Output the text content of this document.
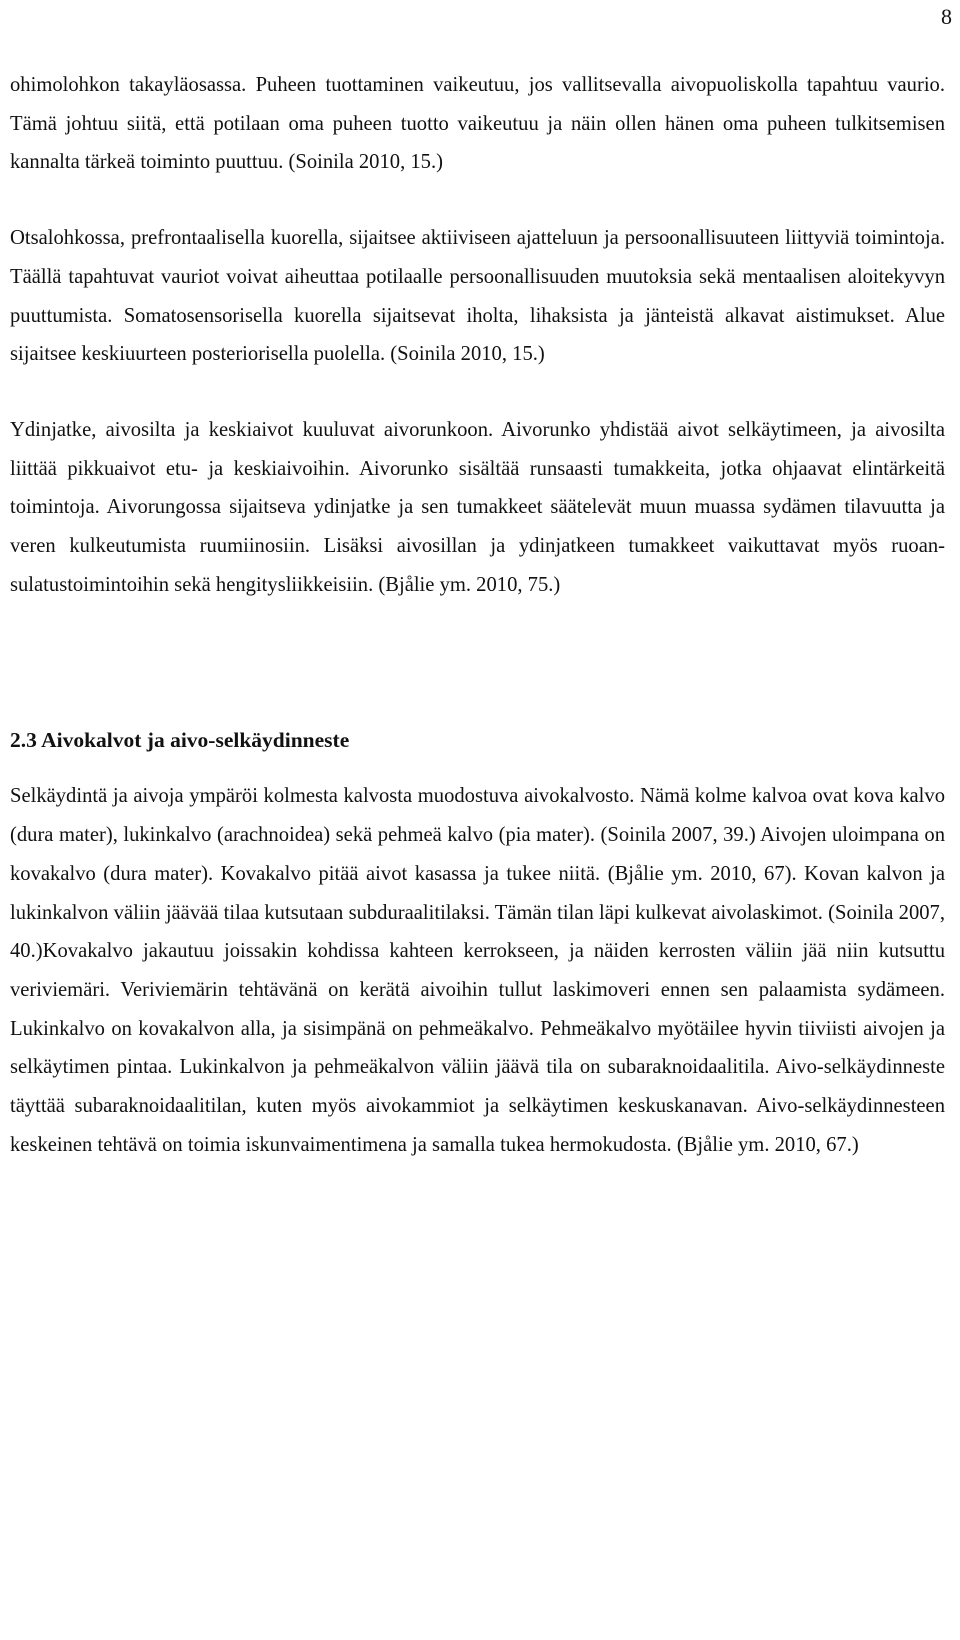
8

ohimolohkon takayläosassa. Puheen tuottaminen vaikeutuu, jos vallitsevalla aivopuoliskolla tapahtuu vaurio. Tämä johtuu siitä, että potilaan oma puheen tuotto vaikeutuu ja näin ollen hänen oma puheen tulkitsemisen kannalta tärkeä toiminto puuttuu. (Soinila 2010, 15.)

Otsalohkossa, prefrontaalisella kuorella, sijaitsee aktiiviseen ajatteluun ja persoonallisuuteen liittyviä toimintoja. Täällä tapahtuvat vauriot voivat aiheuttaa potilaalle persoonallisuuden muutoksia sekä mentaalisen aloitekyvyn puuttumista. Somatosensorisella kuorella sijaitsevat iholta, lihaksista ja jänteistä alkavat aistimukset. Alue sijaitsee keskiuurteen posteriorisella puolella. (Soinila 2010, 15.)

Ydinjatke, aivosilta ja keskiaivot kuuluvat aivorunkoon. Aivorunko yhdistää aivot selkäytimeen, ja aivosilta liittää pikkuaivot etu- ja keskiaivoihin. Aivorunko sisältää runsaasti tumakkeita, jotka ohjaavat elintärkeitä toimintoja. Aivorungossa sijaitseva ydinjatke ja sen tumakkeet säätelevät muun muassa sydämen tilavuutta ja veren kulkeutumista ruumiinosiin. Lisäksi aivosillan ja ydinjatkeen tumakkeet vaikuttavat myös ruoansulatustoimintoihin sekä hengitysliikkeisiin. (Bjålie ym. 2010, 75.)

2.3 Aivokalvot ja aivo-selkäydinneste

Selkäydintä ja aivoja ympäröi kolmesta kalvosta muodostuva aivokalvosto. Nämä kolme kalvoa ovat kova kalvo (dura mater), lukinkalvo (arachnoidea) sekä pehmeä kalvo (pia mater). (Soinila 2007, 39.) Aivojen uloimpana on kovakalvo (dura mater). Kovakalvo pitää aivot kasassa ja tukee niitä. (Bjålie ym. 2010, 67). Kovan kalvon ja lukinkalvon väliin jäävää tilaa kutsutaan subduraalitilaksi. Tämän tilan läpi kulkevat aivolaskimot. (Soinila 2007, 40.)Kovakalvo jakautuu joissakin kohdissa kahteen kerrokseen, ja näiden kerrosten väliin jää niin kutsuttu veriviemäri. Veriviemärin tehtävänä on kerätä aivoihin tullut laskimoveri ennen sen palaamista sydämeen. Lukinkalvo on kovakalvon alla, ja sisimpänä on pehmeäkalvo. Pehmeäkalvo myötäilee hyvin tiiviisti aivojen ja selkäytimen pintaa. Lukinkalvon ja pehmeäkalvon väliin jäävä tila on subaraknoidaalitila. Aivo-selkäydinneste täyttää subaraknoidaalitilan, kuten myös aivokammiot ja selkäytimen keskuskanavan. Aivo-selkäydinnesteen keskeinen tehtävä on toimia iskunvaimentimena ja samalla tukea hermokudosta. (Bjålie ym. 2010, 67.)
